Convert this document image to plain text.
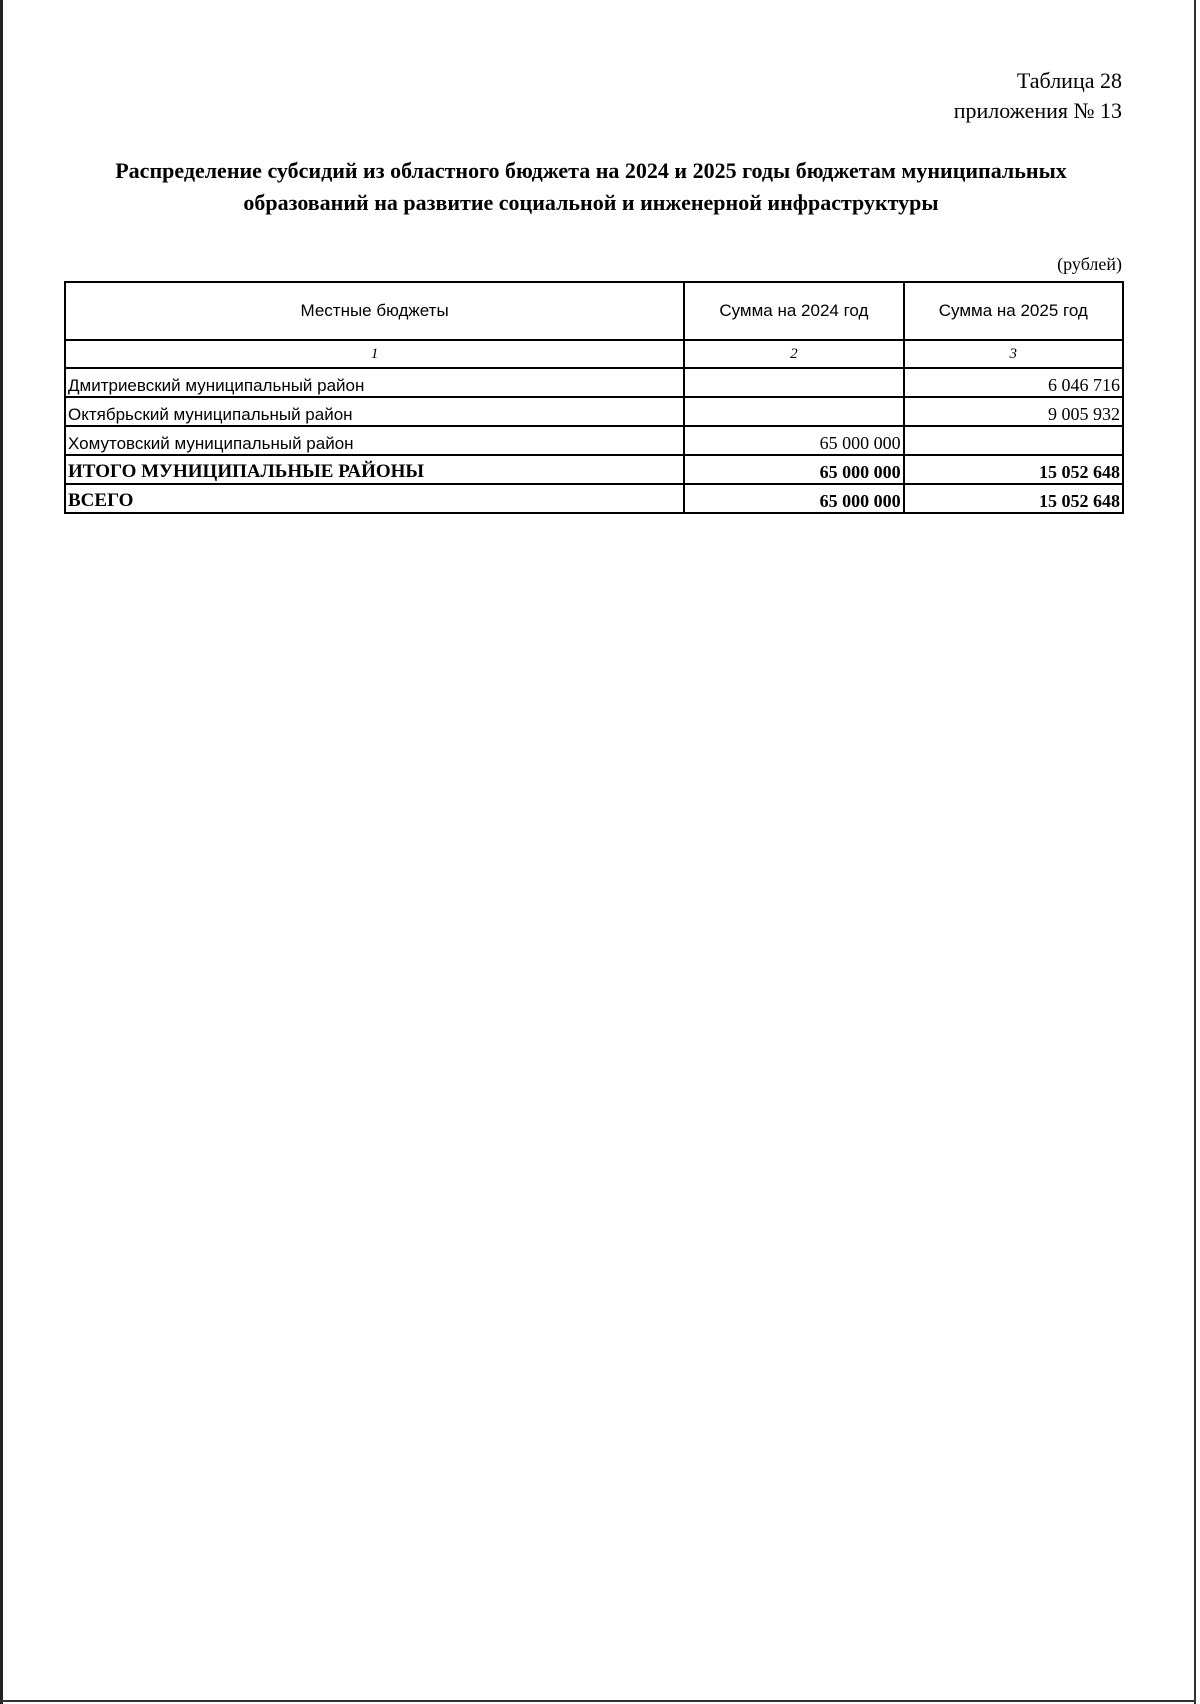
Таблица 28
приложения № 13
Распределение субсидий из областного бюджета на 2024 и 2025 годы бюджетам муниципальных
образований на развитие социальной и инженерной инфраструктуры
(рублей)
Местные бюджеты	Сумма на 2024 год	Сумма на 2025 год
1	2	3
Дмитриевский муниципальный район		6 046 716
Октябрьский муниципальный район		9 005 932
Хомутовский муниципальный район	65 000 000	
ИТОГО МУНИЦИПАЛЬНЫЕ РАЙОНЫ	65 000 000	15 052 648
ВСЕГО	65 000 000	15 052 648
